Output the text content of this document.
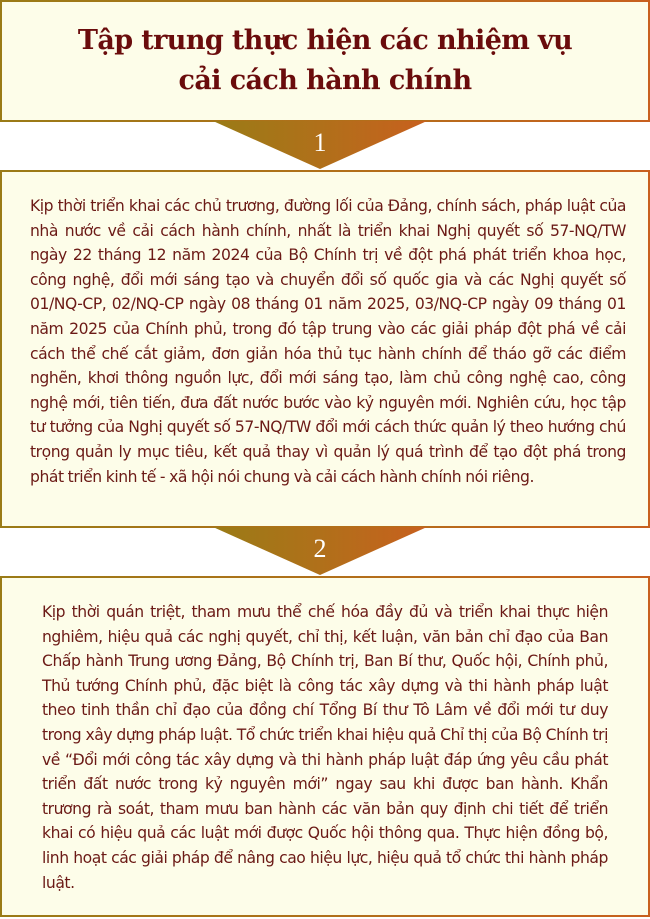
Tập trung thực hiện các nhiệm vụ cải cách hành chính
1

Kịp thời triển khai các chủ trương, đường lối của Đảng, chính sách, pháp luật của nhà nước về cải cách hành chính, nhất là triển khai Nghị quyết số 57-NQ/TW ngày 22 tháng 12 năm 2024 của Bộ Chính trị về đột phá phát triển khoa học, công nghệ, đổi mới sáng tạo và chuyển đổi số quốc gia và các Nghị quyết số 01/NQ-CP, 02/NQ-CP ngày 08 tháng 01 năm 2025, 03/NQ-CP ngày 09 tháng 01 năm 2025 của Chính phủ, trong đó tập trung vào các giải pháp đột phá về cải cách thể chế cắt giảm, đơn giản hóa thủ tục hành chính để tháo gỡ các điểm nghẽn, khơi thông nguồn lực, đổi mới sáng tạo, làm chủ công nghệ cao, công nghệ mới, tiên tiến, đưa đất nước bước vào kỷ nguyên mới. Nghiên cứu, học tập tư tưởng của Nghị quyết số 57-NQ/TW đổi mới cách thức quản lý theo hướng chú trọng quản ly mục tiêu, kết quả thay vì quản lý quá trình để tạo đột phá trong phát triển kinh tế - xã hội nói chung và cải cách hành chính nói riêng.

2

Kịp thời quán triệt, tham mưu thể chế hóa đầy đủ và triển khai thực hiện nghiêm, hiệu quả các nghị quyết, chỉ thị, kết luận, văn bản chỉ đạo của Ban Chấp hành Trung ương Đảng, Bộ Chính trị, Ban Bí thư, Quốc hội, Chính phủ, Thủ tướng Chính phủ, đặc biệt là công tác xây dựng và thi hành pháp luật theo tinh thần chỉ đạo của đồng chí Tổng Bí thư Tô Lâm về đổi mới tư duy trong xây dựng pháp luật. Tổ chức triển khai hiệu quả Chỉ thị của Bộ Chính trị về “Đổi mới công tác xây dựng và thi hành pháp luật đáp ứng yêu cầu phát triển đất nước trong kỷ nguyên mới” ngay sau khi được ban hành. Khẩn trương rà soát, tham mưu ban hành các văn bản quy định chi tiết để triển khai có hiệu quả các luật mới được Quốc hội thông qua. Thực hiện đồng bộ, linh hoạt các giải pháp để nâng cao hiệu lực, hiệu quả tổ chức thi hành pháp luật.
